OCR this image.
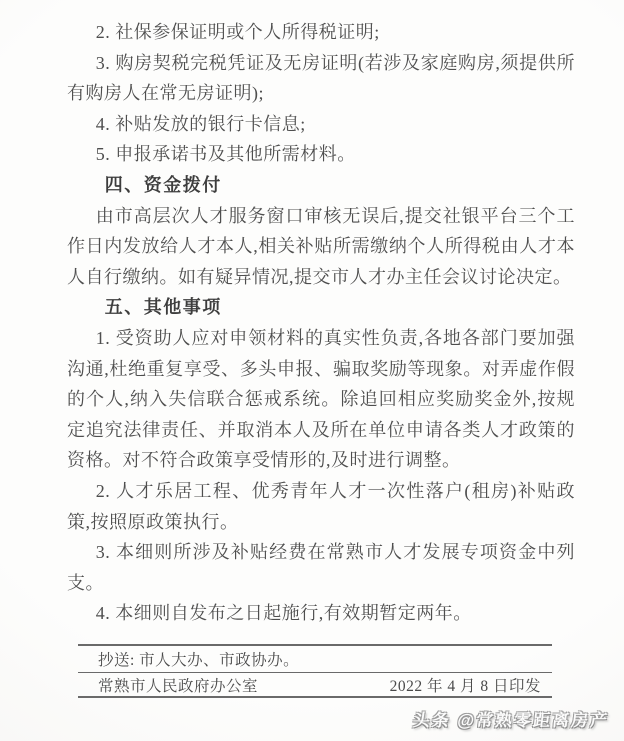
2. 社保参保证明或个人所得税证明;

3. 购房契税完税凭证及无房证明(若涉及家庭购房,须提供所有购房人在常无房证明);

4. 补贴发放的银行卡信息;

5. 申报承诺书及其他所需材料。

四、资金拨付

由市高层次人才服务窗口审核无误后,提交社银平台三个工作日内发放给人才本人,相关补贴所需缴纳个人所得税由人才本人自行缴纳。如有疑异情况,提交市人才办主任会议讨论决定。

五、其他事项

1. 受资助人应对申领材料的真实性负责,各地各部门要加强沟通,杜绝重复享受、多头申报、骗取奖励等现象。对弄虚作假的个人,纳入失信联合惩戒系统。除追回相应奖励奖金外,按规定追究法律责任、并取消本人及所在单位申请各类人才政策的资格。对不符合政策享受情形的,及时进行调整。

2. 人才乐居工程、优秀青年人才一次性落户(租房)补贴政策,按照原政策执行。

3. 本细则所涉及补贴经费在常熟市人才发展专项资金中列支。

4. 本细则自发布之日起施行,有效期暂定两年。

抄送: 市人大办、市政协办。
常熟市人民政府办公室	2022 年 4 月 8 日印发
头条 @常熟零距离房产
